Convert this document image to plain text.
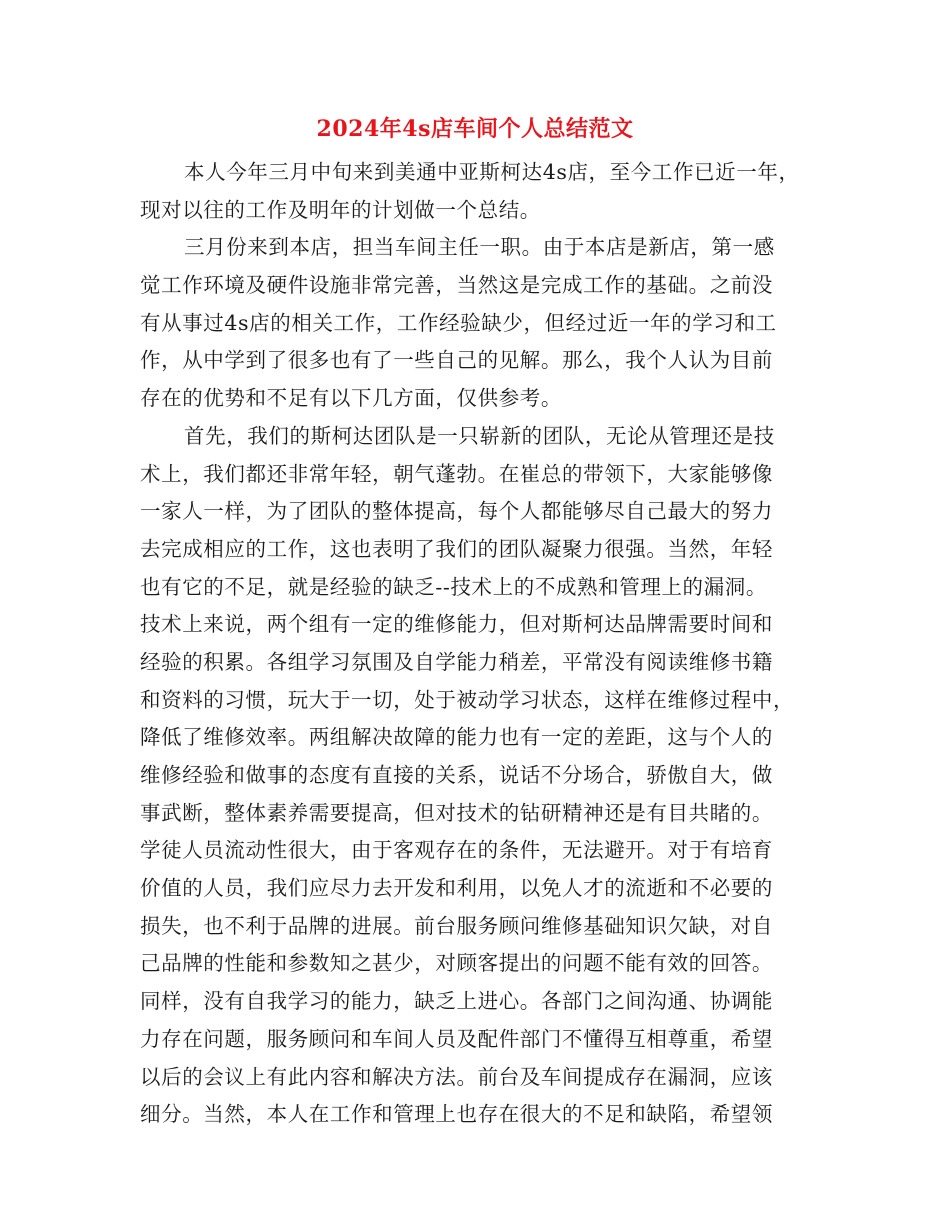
2024年4s店车间个人总结范文
本人今年三月中旬来到美通中亚斯柯达4s店，至今工作已近一年，
现对以往的工作及明年的计划做一个总结。
三月份来到本店，担当车间主任一职。由于本店是新店，第一感
觉工作环境及硬件设施非常完善，当然这是完成工作的基础。之前没
有从事过4s店的相关工作，工作经验缺少，但经过近一年的学习和工
作，从中学到了很多也有了一些自己的见解。那么，我个人认为目前
存在的优势和不足有以下几方面，仅供参考。
首先，我们的斯柯达团队是一只崭新的团队，无论从管理还是技
术上，我们都还非常年轻，朝气蓬勃。在崔总的带领下，大家能够像
一家人一样，为了团队的整体提高，每个人都能够尽自己最大的努力
去完成相应的工作，这也表明了我们的团队凝聚力很强。当然，年轻
也有它的不足，就是经验的缺乏--技术上的不成熟和管理上的漏洞。
技术上来说，两个组有一定的维修能力，但对斯柯达品牌需要时间和
经验的积累。各组学习氛围及自学能力稍差，平常没有阅读维修书籍
和资料的习惯，玩大于一切，处于被动学习状态，这样在维修过程中，
降低了维修效率。两组解决故障的能力也有一定的差距，这与个人的
维修经验和做事的态度有直接的关系，说话不分场合，骄傲自大，做
事武断，整体素养需要提高，但对技术的钻研精神还是有目共睹的。
学徒人员流动性很大，由于客观存在的条件，无法避开。对于有培育
价值的人员，我们应尽力去开发和利用，以免人才的流逝和不必要的
损失，也不利于品牌的进展。前台服务顾问维修基础知识欠缺，对自
己品牌的性能和参数知之甚少，对顾客提出的问题不能有效的回答。
同样，没有自我学习的能力，缺乏上进心。各部门之间沟通、协调能
力存在问题，服务顾问和车间人员及配件部门不懂得互相尊重，希望
以后的会议上有此内容和解决方法。前台及车间提成存在漏洞，应该
细分。当然，本人在工作和管理上也存在很大的不足和缺陷，希望领
